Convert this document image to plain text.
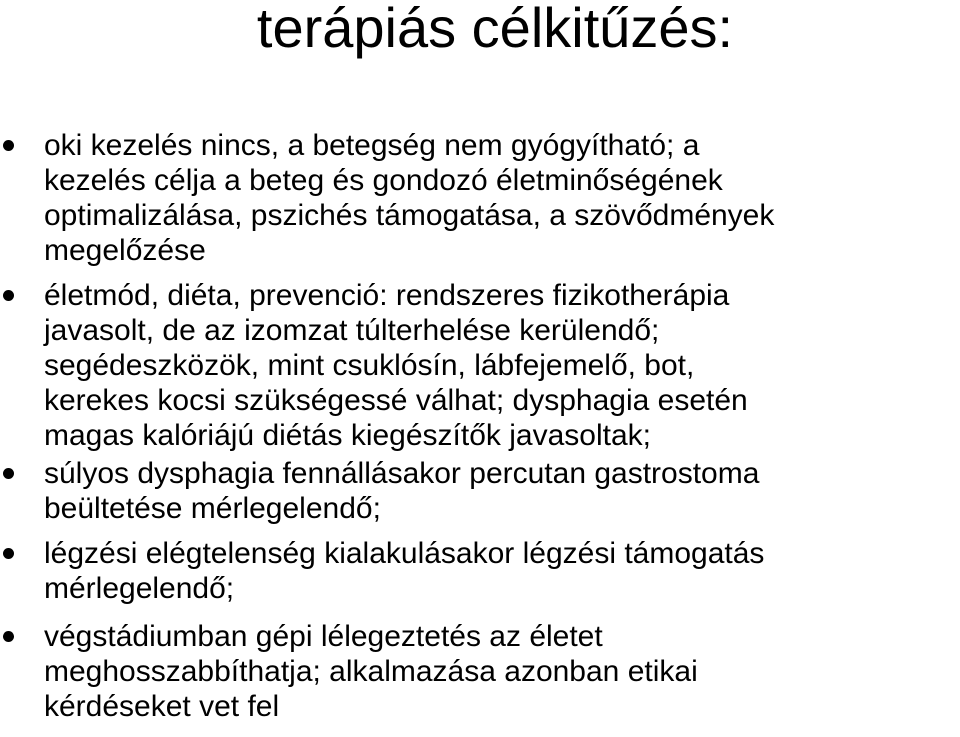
terápiás célkitűzés:
oki kezelés nincs, a betegség nem gyógyítható; a
kezelés célja a beteg és gondozó életminőségének
optimalizálása, pszichés támogatása, a szövődmények
megelőzése
életmód, diéta, prevenció: rendszeres fizikotherápia
javasolt, de az izomzat túlterhelése kerülendő;
segédeszközök, mint csuklósín, lábfejemelő, bot,
kerekes kocsi szükségessé válhat; dysphagia esetén
magas kalóriájú diétás kiegészítők javasoltak;
súlyos dysphagia fennállásakor percutan gastrostoma
beültetése mérlegelendő;
légzési elégtelenség kialakulásakor légzési támogatás
mérlegelendő;
végstádiumban gépi lélegeztetés az életet
meghosszabbíthatja; alkalmazása azonban etikai
kérdéseket vet fel
